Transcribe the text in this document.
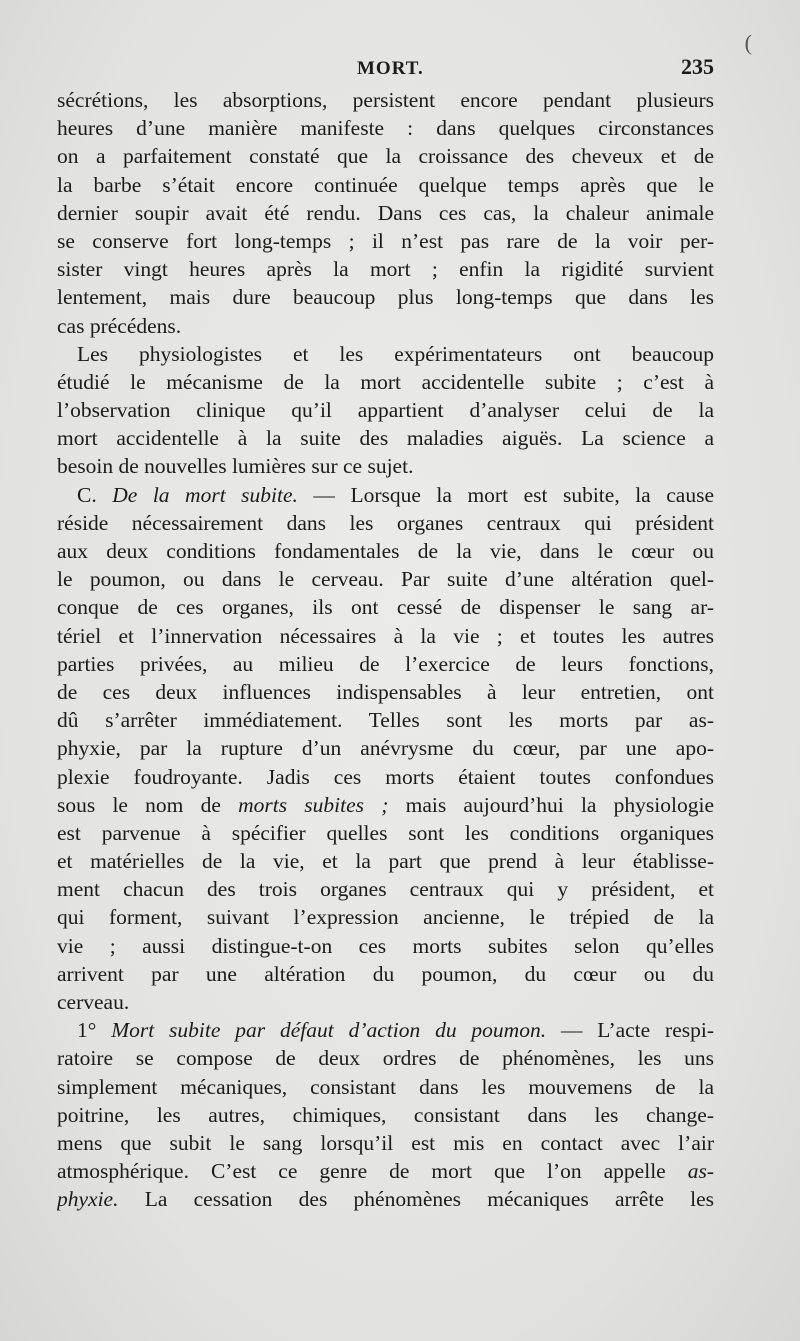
MORT.	235
(
sécrétions, les absorptions, persistent encore pendant plusieurs
heures d’une manière manifeste : dans quelques circonstances
on a parfaitement constaté que la croissance des cheveux et de
la barbe s’était encore continuée quelque temps après que le
dernier soupir avait été rendu. Dans ces cas, la chaleur animale
se conserve fort long-temps ; il n’est pas rare de la voir per-
sister vingt heures après la mort ; enfin la rigidité survient
lentement, mais dure beaucoup plus long-temps que dans les
cas précédens.
Les physiologistes et les expérimentateurs ont beaucoup
étudié le mécanisme de la mort accidentelle subite ; c’est à
l’observation clinique qu’il appartient d’analyser celui de la
mort accidentelle à la suite des maladies aiguës. La science a
besoin de nouvelles lumières sur ce sujet.
C. De la mort subite. — Lorsque la mort est subite, la cause
réside nécessairement dans les organes centraux qui président
aux deux conditions fondamentales de la vie, dans le cœur ou
le poumon, ou dans le cerveau. Par suite d’une altération quel-
conque de ces organes, ils ont cessé de dispenser le sang ar-
tériel et l’innervation nécessaires à la vie ; et toutes les autres
parties privées, au milieu de l’exercice de leurs fonctions,
de ces deux influences indispensables à leur entretien, ont
dû s’arrêter immédiatement. Telles sont les morts par as-
phyxie, par la rupture d’un anévrysme du cœur, par une apo-
plexie foudroyante. Jadis ces morts étaient toutes confondues
sous le nom de morts subites ; mais aujourd’hui la physiologie
est parvenue à spécifier quelles sont les conditions organiques
et matérielles de la vie, et la part que prend à leur établisse-
ment chacun des trois organes centraux qui y président, et
qui forment, suivant l’expression ancienne, le trépied de la
vie ; aussi distingue-t-on ces morts subites selon qu’elles
arrivent par une altération du poumon, du cœur ou du
cerveau.
1° Mort subite par défaut d’action du poumon. — L’acte respi-
ratoire se compose de deux ordres de phénomènes, les uns
simplement mécaniques, consistant dans les mouvemens de la
poitrine, les autres, chimiques, consistant dans les change-
mens que subit le sang lorsqu’il est mis en contact avec l’air
atmosphérique. C’est ce genre de mort que l’on appelle as-
phyxie. La cessation des phénomènes mécaniques arrête les
